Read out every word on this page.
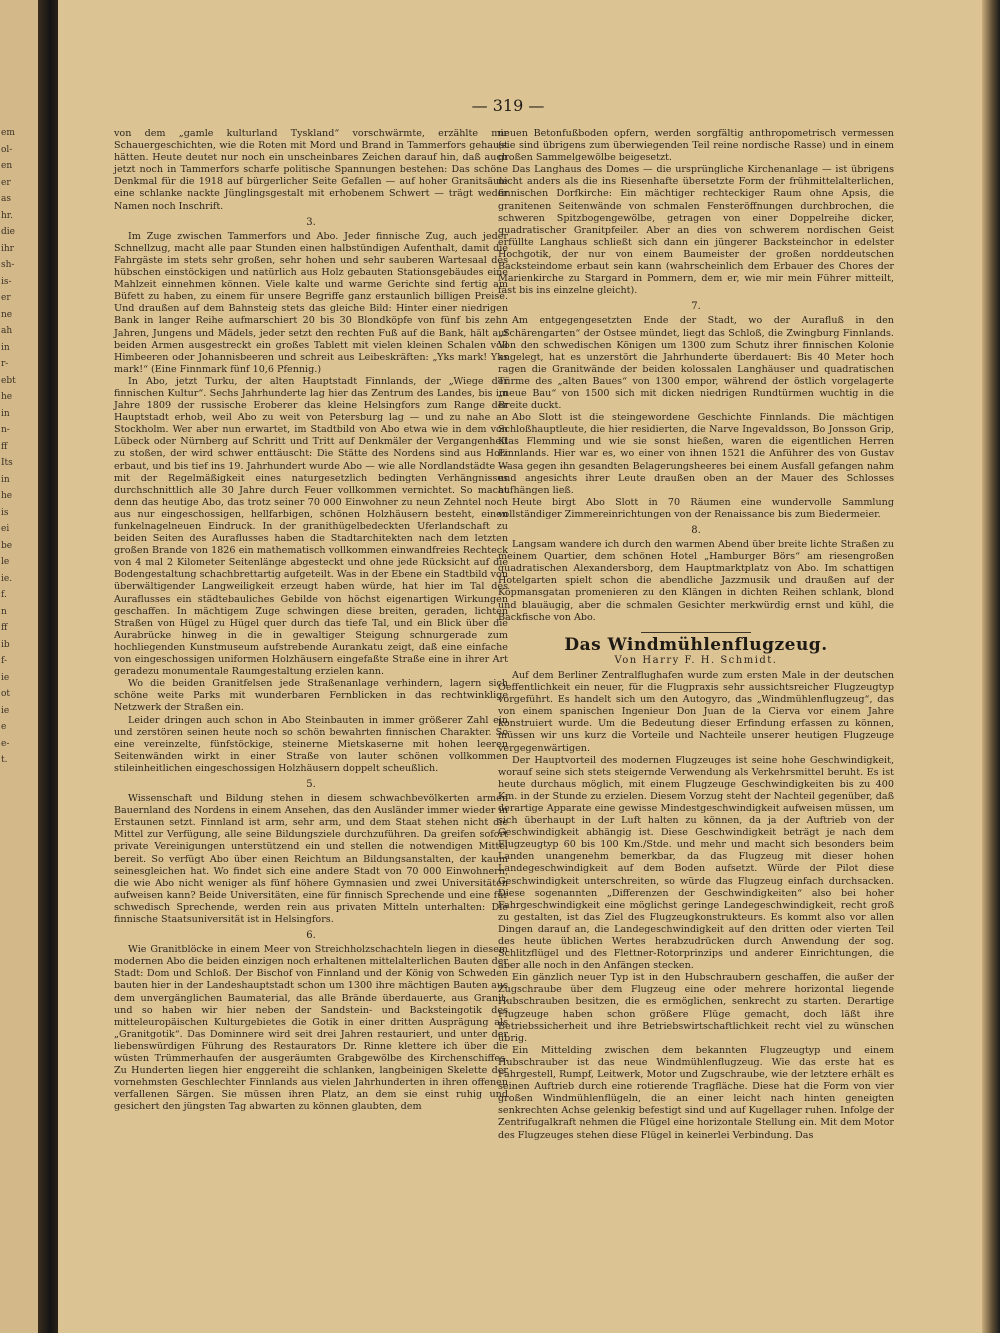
em
ol-
en
er
as
hr.
die
ihr
sh-
is-
er
ne
ah
in
r-
ebt
he
in
n-
ff
Its
in
he
is
ei
be
le
ie.
f.
n
ff
ib
f-
ie
ot
ie
e
e-
t.
— 319 —

von dem „gamle kulturland Tyskland“ vorschwärmte, erzählte mir Schauergeschichten, wie die Roten mit Mord und Brand in Tammerfors gehaust hätten. Heute deutet nur noch ein unscheinbares Zeichen darauf hin, daß auch jetzt noch in Tammerfors scharfe politische Spannungen bestehen: Das schöne Denkmal für die 1918 auf bürgerlicher Seite Gefallen — auf hoher Granitsäule eine schlanke nackte Jünglingsgestalt mit erhobenem Schwert — trägt weder Namen noch Inschrift.

3.

Im Zuge zwischen Tammerfors und Abo. Jeder finnische Zug, auch jeder Schnellzug, macht alle paar Stunden einen halbstündigen Aufenthalt, damit die Fahrgäste im stets sehr großen, sehr hohen und sehr sauberen Wartesaal des hübschen einstöckigen und natürlich aus Holz gebauten Stationsgebäudes eine Mahlzeit einnehmen können. Viele kalte und warme Gerichte sind fertig am Büfett zu haben, zu einem für unsere Begriffe ganz erstaunlich billigen Preise. Und draußen auf dem Bahnsteig stets das gleiche Bild: Hinter einer niedrigen Bank in langer Reihe aufmarschiert 20 bis 30 Blondköpfe von fünf bis zehn Jahren, Jungens und Mädels, jeder setzt den rechten Fuß auf die Bank, hält auf beiden Armen ausgestreckt ein großes Tablett mit vielen kleinen Schalen voll Himbeeren oder Johannisbeeren und schreit aus Leibeskräften: „Yks mark! Yks mark!“ (Eine Finnmark fünf 10,6 Pfennig.)

In Abo, jetzt Turku, der alten Hauptstadt Finnlands, der „Wiege der finnischen Kultur“. Sechs Jahrhunderte lag hier das Zentrum des Landes, bis im Jahre 1809 der russische Eroberer das kleine Helsingfors zum Range der Hauptstadt erhob, weil Abo zu weit von Petersburg lag — und zu nahe an Stockholm. Wer aber nun erwartet, im Stadtbild von Abo etwa wie in dem von Lübeck oder Nürnberg auf Schritt und Tritt auf Denkmäler der Vergangenheit zu stoßen, der wird schwer enttäuscht: Die Stätte des Nordens sind aus Holz erbaut, und bis tief ins 19. Jahrhundert wurde Abo — wie alle Nordlandstädte — mit der Regelmäßigkeit eines naturgesetzlich bedingten Verhängnisses durchschnittlich alle 30 Jahre durch Feuer vollkommen vernichtet. So macht denn das heutige Abo, das trotz seiner 70 000 Einwohner zu neun Zehntel noch aus nur eingeschossigen, hellfarbigen, schönen Holzhäusern besteht, einen funkelnagelneuen Eindruck. In der granithügelbedeckten Uferlandschaft zu beiden Seiten des Auraflusses haben die Stadtarchitekten nach dem letzten großen Brande von 1826 ein mathematisch vollkommen einwandfreies Rechteck von 4 mal 2 Kilometer Seitenlänge abgesteckt und ohne jede Rücksicht auf die Bodengestaltung schachbrettartig aufgeteilt. Was in der Ebene ein Stadtbild von überwältigender Langweiligkeit erzeugt haben würde, hat hier im Tal des Auraflusses ein städtebauliches Gebilde von höchst eigenartigen Wirkungen geschaffen. In mächtigem Zuge schwingen diese breiten, geraden, lichten Straßen von Hügel zu Hügel quer durch das tiefe Tal, und ein Blick über die Aurabrücke hinweg in die in gewaltiger Steigung schnurgerade zum hochliegenden Kunstmuseum aufstrebende Aurankatu zeigt, daß eine einfache von eingeschossigen uniformen Holzhäusern eingefaßte Straße eine in ihrer Art geradezu monumentale Raumgestaltung erzielen kann.

Wo die beiden Granitfelsen jede Straßenanlage verhindern, lagern sich schöne weite Parks mit wunderbaren Fernblicken in das rechtwinklige Netzwerk der Straßen ein.

Leider dringen auch schon in Abo Steinbauten in immer größerer Zahl ein und zerstören seinen heute noch so schön bewahrten finnischen Charakter. So eine vereinzelte, fünfstöckige, steinerne Mietskaserne mit hohen leeren Seitenwänden wirkt in einer Straße von lauter schönen vollkommen stileinheitlichen eingeschossigen Holzhäusern doppelt scheußlich.

5.

Wissenschaft und Bildung stehen in diesem schwachbevölkerten armen Bauernland des Nordens in einem Ansehen, das den Ausländer immer wieder in Erstaunen setzt. Finnland ist arm, sehr arm, und dem Staat stehen nicht die Mittel zur Verfügung, alle seine Bildungsziele durchzuführen. Da greifen sofort private Vereinigungen unterstützend ein und stellen die notwendigen Mittel bereit. So verfügt Abo über einen Reichtum an Bildungsanstalten, der kaum seinesgleichen hat. Wo findet sich eine andere Stadt von 70 000 Einwohnern, die wie Abo nicht weniger als fünf höhere Gymnasien und zwei Universitäten aufweisen kann? Beide Universitäten, eine für finnisch Sprechende und eine für schwedisch Sprechende, werden rein aus privaten Mitteln unterhalten: Die finnische Staatsuniversität ist in Helsingfors.

6.

Wie Granitblöcke in einem Meer von Streichholzschachteln liegen in diesem modernen Abo die beiden einzigen noch erhaltenen mittelalterlichen Bauten der Stadt: Dom und Schloß. Der Bischof von Finnland und der König von Schweden bauten hier in der Landeshauptstadt schon um 1300 ihre mächtigen Bauten aus dem unvergänglichen Baumaterial, das alle Brände überdauerte, aus Granit, und so haben wir hier neben der Sandstein- und Backsteingotik des mitteleuropäischen Kulturgebietes die Gotik in einer dritten Ausprägung als „Granitgotik“. Das Dominnere wird seit drei Jahren restauriert, und unter der liebenswürdigen Führung des Restaurators Dr. Rinne klettere ich über die wüsten Trümmerhaufen der ausgeräumten Grabgewölbe des Kirchenschiffes. Zu Hunderten liegen hier enggereiht die schlanken, langbeinigen Skelette der vornehmsten Geschlechter Finnlands aus vielen Jahrhunderten in ihren offenen verfallenen Särgen. Sie müssen ihren Platz, an dem sie einst ruhig und gesichert den jüngsten Tag abwarten zu können glaubten, dem

neuen Betonfußboden opfern, werden sorgfältig anthropometrisch vermessen (sie sind übrigens zum überwiegenden Teil reine nordische Rasse) und in einem großen Sammelgewölbe beigesetzt.

Das Langhaus des Domes — die ursprüngliche Kirchenanlage — ist übrigens nicht anders als die ins Riesenhafte übersetzte Form der frühmittelalterlichen, finnischen Dorfkirche: Ein mächtiger rechteckiger Raum ohne Apsis, die granitenen Seitenwände von schmalen Fensteröffnungen durchbrochen, die schweren Spitzbogengewölbe, getragen von einer Doppelreihe dicker, quadratischer Granitpfeiler. Aber an dies von schwerem nordischen Geist erfüllte Langhaus schließt sich dann ein jüngerer Backsteinchor in edelster Hochgotik, der nur von einem Baumeister der großen norddeutschen Backsteindome erbaut sein kann (wahrscheinlich dem Erbauer des Chores der Marienkirche zu Stargard in Pommern, dem er, wie mir mein Führer mitteilt, fast bis ins einzelne gleicht).

7.

Am entgegengesetzten Ende der Stadt, wo der Aurafluß in den „Schärengarten“ der Ostsee mündet, liegt das Schloß, die Zwingburg Finnlands. Von den schwedischen Königen um 1300 zum Schutz ihrer finnischen Kolonie angelegt, hat es unzerstört die Jahrhunderte überdauert: Bis 40 Meter hoch ragen die Granitwände der beiden kolossalen Langhäuser und quadratischen Türme des „alten Baues“ von 1300 empor, während der östlich vorgelagerte „neue Bau“ von 1500 sich mit dicken niedrigen Rundtürmen wuchtig in die Breite duckt.

Abo Slott ist die steingewordene Geschichte Finnlands. Die mächtigen Schloßhauptleute, die hier residierten, die Narve Ingevaldsson, Bo Jonsson Grip, Klas Flemming und wie sie sonst hießen, waren die eigentlichen Herren Finnlands. Hier war es, wo einer von ihnen 1521 die Anführer des von Gustav Wasa gegen ihn gesandten Belagerungsheeres bei einem Ausfall gefangen nahm und angesichts ihrer Leute draußen oben an der Mauer des Schlosses aufhängen ließ.

Heute birgt Abo Slott in 70 Räumen eine wundervolle Sammlung vollständiger Zimmereinrichtungen von der Renaissance bis zum Biedermeier.

8.

Langsam wandere ich durch den warmen Abend über breite lichte Straßen zu meinem Quartier, dem schönen Hotel „Hamburger Börs“ am riesengroßen quadratischen Alexandersborg, dem Hauptmarktplatz von Abo. Im schattigen Hotelgarten spielt schon die abendliche Jazzmusik und draußen auf der Köpmansgatan promenieren zu den Klängen in dichten Reihen schlank, blond und blauäugig, aber die schmalen Gesichter merkwürdig ernst und kühl, die Backfische von Abo.

Das Windmühlenflugzeug.
Von Harry F. H. Schmidt.

Auf dem Berliner Zentralflughafen wurde zum ersten Male in der deutschen Oeffentlichkeit ein neuer, für die Flugpraxis sehr aussichtsreicher Flugzeugtyp vorgeführt. Es handelt sich um den Autogyro, das „Windmühlenflugzeug“, das von einem spanischen Ingenieur Don Juan de la Cierva vor einem Jahre konstruiert wurde. Um die Bedeutung dieser Erfindung erfassen zu können, müssen wir uns kurz die Vorteile und Nachteile unserer heutigen Flugzeuge vergegenwärtigen.

Der Hauptvorteil des modernen Flugzeuges ist seine hohe Geschwindigkeit, worauf seine sich stets steigernde Verwendung als Verkehrsmittel beruht. Es ist heute durchaus möglich, mit einem Flugzeuge Geschwindigkeiten bis zu 400 Km. in der Stunde zu erzielen. Diesem Vorzug steht der Nachteil gegenüber, daß derartige Apparate eine gewisse Mindestgeschwindigkeit aufweisen müssen, um sich überhaupt in der Luft halten zu können, da ja der Auftrieb von der Geschwindigkeit abhängig ist. Diese Geschwindigkeit beträgt je nach dem Flugzeugtyp 60 bis 100 Km./Stde. und mehr und macht sich besonders beim Landen unangenehm bemerkbar, da das Flugzeug mit dieser hohen Landegeschwindigkeit auf dem Boden aufsetzt. Würde der Pilot diese Geschwindigkeit unterschreiten, so würde das Flugzeug einfach durchsacken. Diese sogenannten „Differenzen der Geschwindigkeiten“ also bei hoher Fahrgeschwindigkeit eine möglichst geringe Landegeschwindigkeit, recht groß zu gestalten, ist das Ziel des Flugzeugkonstrukteurs. Es kommt also vor allen Dingen darauf an, die Landegeschwindigkeit auf den dritten oder vierten Teil des heute üblichen Wertes herabzudrücken durch Anwendung der sog. Schlitzflügel und des Flettner-Rotorprinzips und anderer Einrichtungen, die aber alle noch in den Anfängen stecken.

Ein gänzlich neuer Typ ist in den Hubschraubern geschaffen, die außer der Zugschraube über dem Flugzeug eine oder mehrere horizontal liegende Hubschrauben besitzen, die es ermöglichen, senkrecht zu starten. Derartige Flugzeuge haben schon größere Flüge gemacht, doch läßt ihre Betriebssicherheit und ihre Betriebswirtschaftlichkeit recht viel zu wünschen übrig.

Ein Mittelding zwischen dem bekannten Flugzeugtyp und einem Hubschrauber ist das neue Windmühlenflugzeug. Wie das erste hat es Fahrgestell, Rumpf, Leitwerk, Motor und Zugschraube, wie der letztere erhält es seinen Auftrieb durch eine rotierende Tragfläche. Diese hat die Form von vier großen Windmühlenflügeln, die an einer leicht nach hinten geneigten senkrechten Achse gelenkig befestigt sind und auf Kugellager ruhen. Infolge der Zentrifugalkraft nehmen die Flügel eine horizontale Stellung ein. Mit dem Motor des Flugzeuges stehen diese Flügel in keinerlei Verbindung. Das
